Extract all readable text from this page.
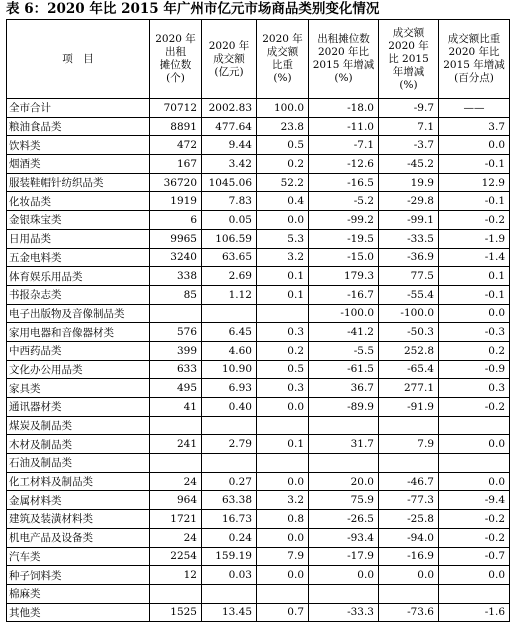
表 6：2020 年比 2015 年广州市亿元市场商品类别变化情况
项　目	2020 年
出租
摊位数
(个)	2020 年
成交额
(亿元)	2020 年
成交额
比重
(%)	出租摊位数
2020 年比
2015 年增减
(%)	成交额
2020 年
比 2015
年增减
(%)	成交额比重
2020 年比
2015 年增减
(百分点)

全市合计	70712	2002.83	100.0	-18.0	-9.7	——
粮油食品类	8891	477.64	23.8	-11.0	7.1	3.7
饮料类	472	9.44	0.5	-7.1	-3.7	0.0
烟酒类	167	3.42	0.2	-12.6	-45.2	-0.1
服装鞋帽针纺织品类	36720	1045.06	52.2	-16.5	19.9	12.9
化妆品类	1919	7.83	0.4	-5.2	-29.8	-0.1
金银珠宝类	6	0.05	0.0	-99.2	-99.1	-0.2
日用品类	9965	106.59	5.3	-19.5	-33.5	-1.9
五金电料类	3240	63.65	3.2	-15.0	-36.9	-1.4
体育娱乐用品类	338	2.69	0.1	179.3	77.5	0.1
书报杂志类	85	1.12	0.1	-16.7	-55.4	-0.1
电子出版物及音像制品类				-100.0	-100.0	0.0
家用电器和音像器材类	576	6.45	0.3	-41.2	-50.3	-0.3
中西药品类	399	4.60	0.2	-5.5	252.8	0.2
文化办公用品类	633	10.90	0.5	-61.5	-65.4	-0.9
家具类	495	6.93	0.3	36.7	277.1	0.3
通讯器材类	41	0.40	0.0	-89.9	-91.9	-0.2
煤炭及制品类						
木材及制品类	241	2.79	0.1	31.7	7.9	0.0
石油及制品类						
化工材料及制品类	24	0.27	0.0	20.0	-46.7	0.0
金属材料类	964	63.38	3.2	75.9	-77.3	-9.4
建筑及装潢材料类	1721	16.73	0.8	-26.5	-25.8	-0.2
机电产品及设备类	24	0.24	0.0	-93.4	-94.0	-0.2
汽车类	2254	159.19	7.9	-17.9	-16.9	-0.7
种子饲料类	12	0.03	0.0	0.0	0.0	0.0
棉麻类						
其他类	1525	13.45	0.7	-33.3	-73.6	-1.6
